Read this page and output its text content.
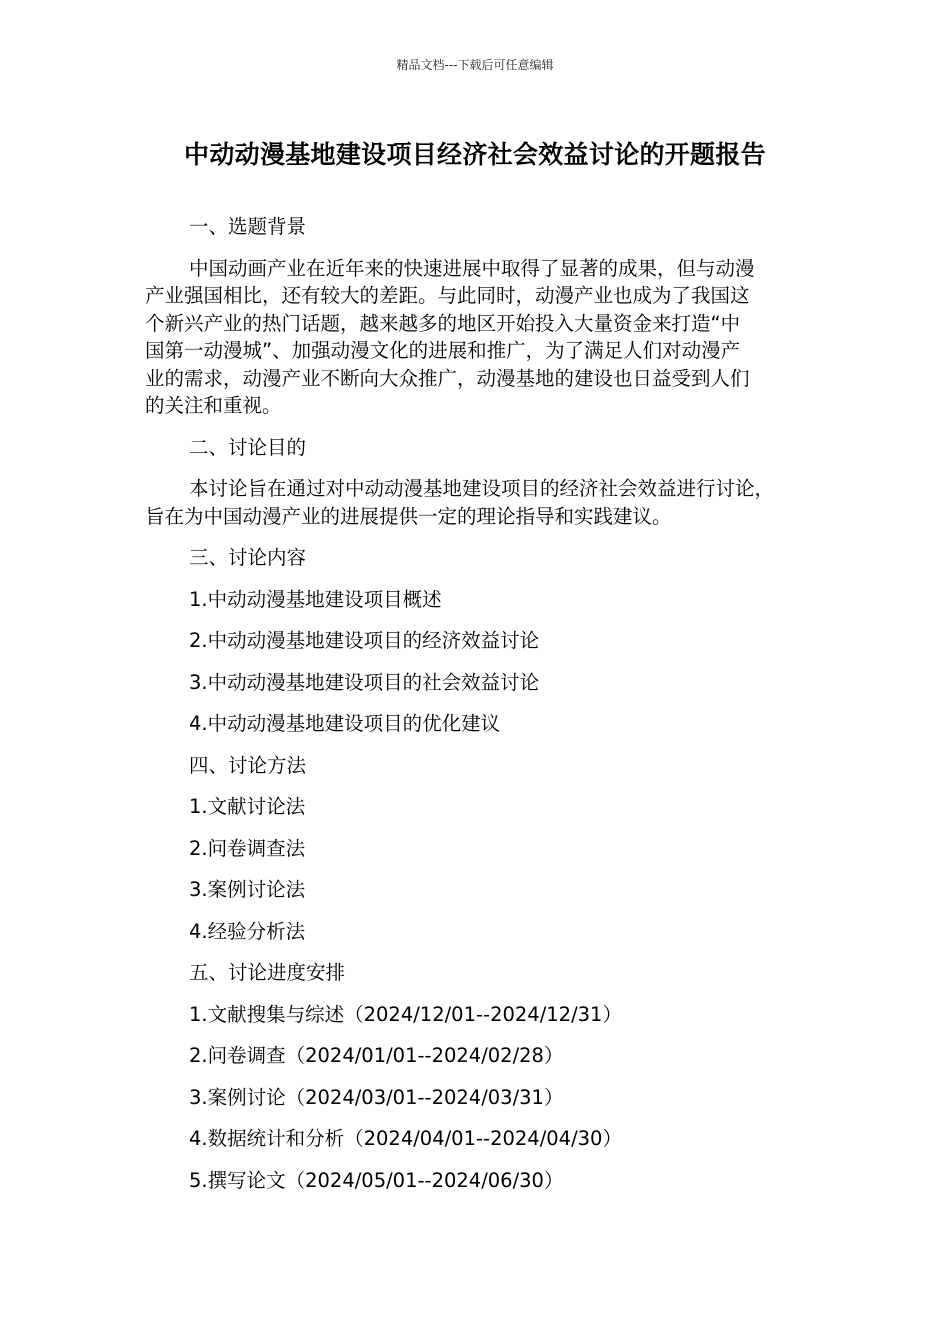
精品文档---下载后可任意编辑
中动动漫基地建设项目经济社会效益讨论的开题报告
一、选题背景
中国动画产业在近年来的快速进展中取得了显著的成果，但与动漫
产业强国相比，还有较大的差距。与此同时，动漫产业也成为了我国这
个新兴产业的热门话题，越来越多的地区开始投入大量资金来打造“中
国第一动漫城”、加强动漫文化的进展和推广，为了满足人们对动漫产
业的需求，动漫产业不断向大众推广，动漫基地的建设也日益受到人们
的关注和重视。
二、讨论目的
本讨论旨在通过对中动动漫基地建设项目的经济社会效益进行讨论，
旨在为中国动漫产业的进展提供一定的理论指导和实践建议。
三、讨论内容
1.中动动漫基地建设项目概述
2.中动动漫基地建设项目的经济效益讨论
3.中动动漫基地建设项目的社会效益讨论
4.中动动漫基地建设项目的优化建议
四、讨论方法
1.文献讨论法
2.问卷调查法
3.案例讨论法
4.经验分析法
五、讨论进度安排
1.文献搜集与综述（2024/12/01--2024/12/31）
2.问卷调查（2024/01/01--2024/02/28）
3.案例讨论（2024/03/01--2024/03/31）
4.数据统计和分析（2024/04/01--2024/04/30）
5.撰写论文（2024/05/01--2024/06/30）
